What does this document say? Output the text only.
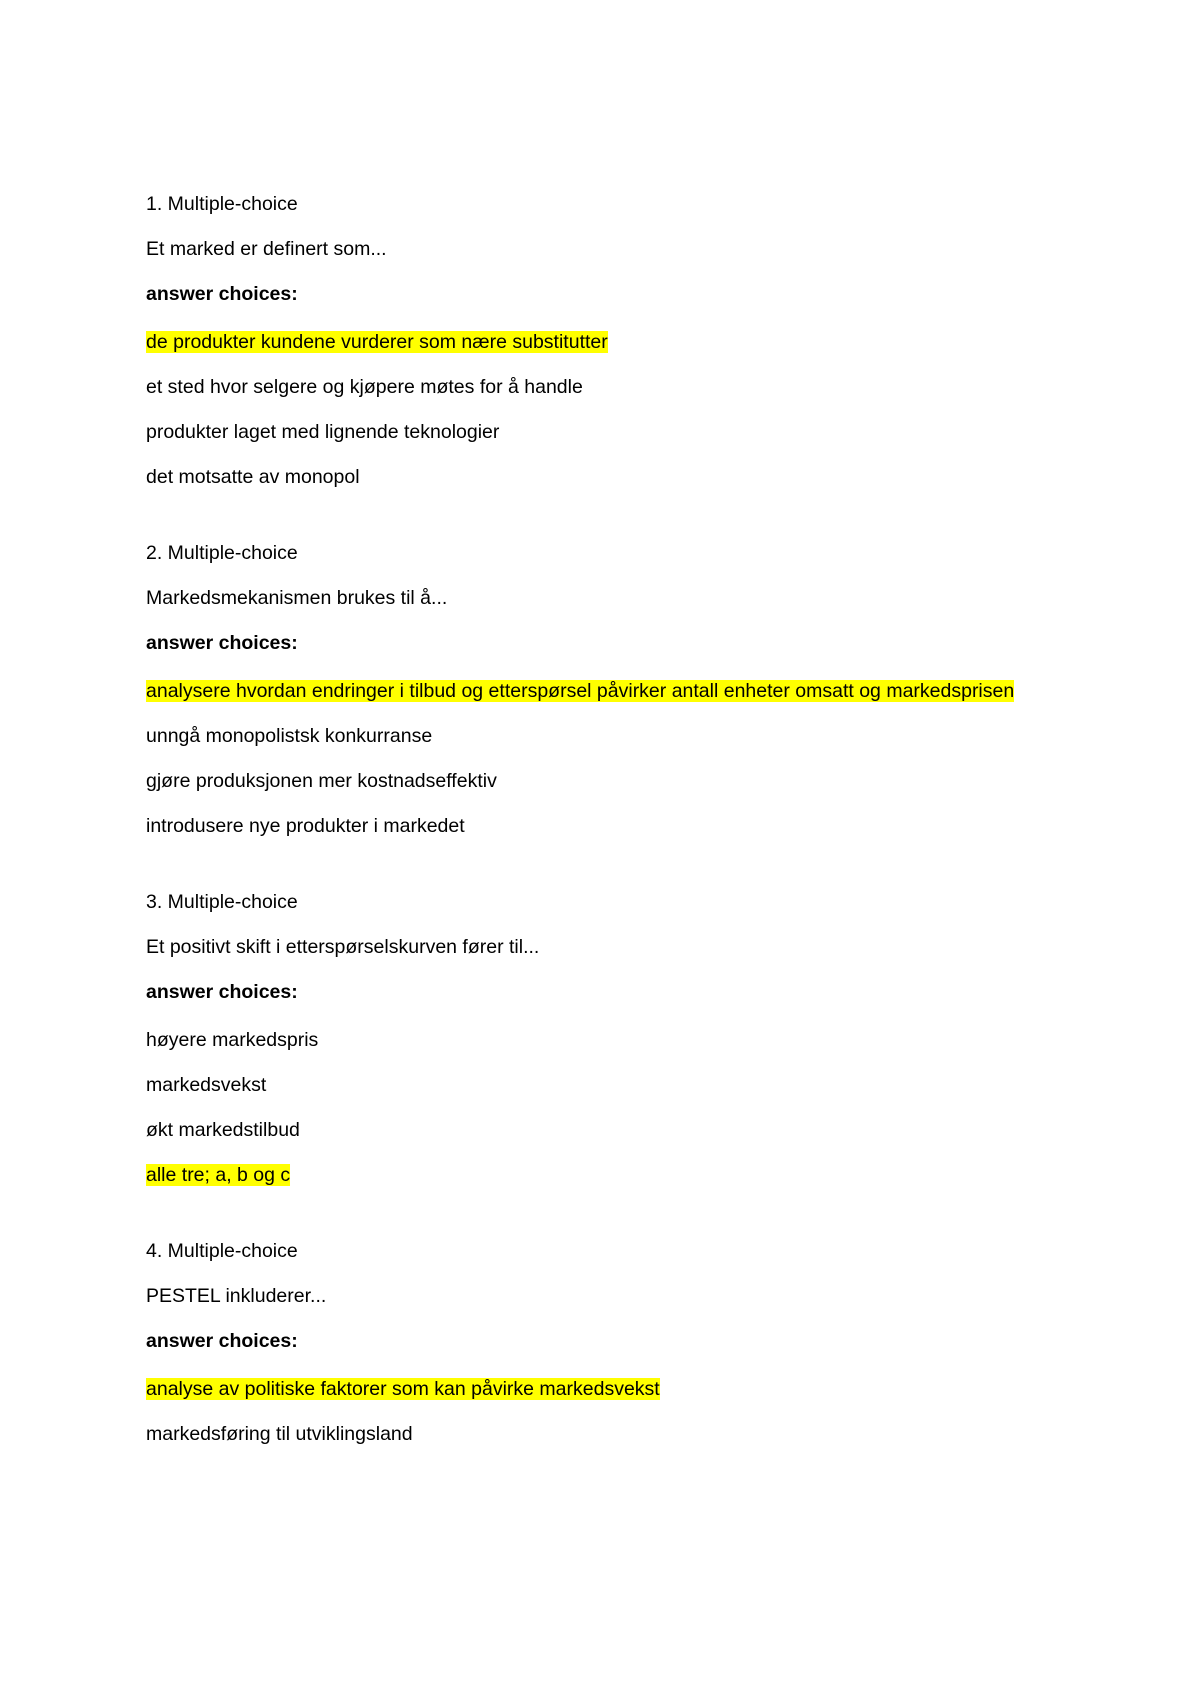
1. Multiple-choice

Et marked er definert som...

answer choices:

de produkter kundene vurderer som nære substitutter

et sted hvor selgere og kjøpere møtes for å handle

produkter laget med lignende teknologier

det motsatte av monopol

2. Multiple-choice

Markedsmekanismen brukes til å...

answer choices:

analysere hvordan endringer i tilbud og etterspørsel påvirker antall enheter omsatt og markedsprisen

unngå monopolistsk konkurranse

gjøre produksjonen mer kostnadseffektiv

introdusere nye produkter i markedet

3. Multiple-choice

Et positivt skift i etterspørselskurven fører til...

answer choices:

høyere markedspris

markedsvekst

økt markedstilbud

alle tre; a, b og c

4. Multiple-choice

PESTEL inkluderer...

answer choices:

analyse av politiske faktorer som kan påvirke markedsvekst

markedsføring til utviklingsland
